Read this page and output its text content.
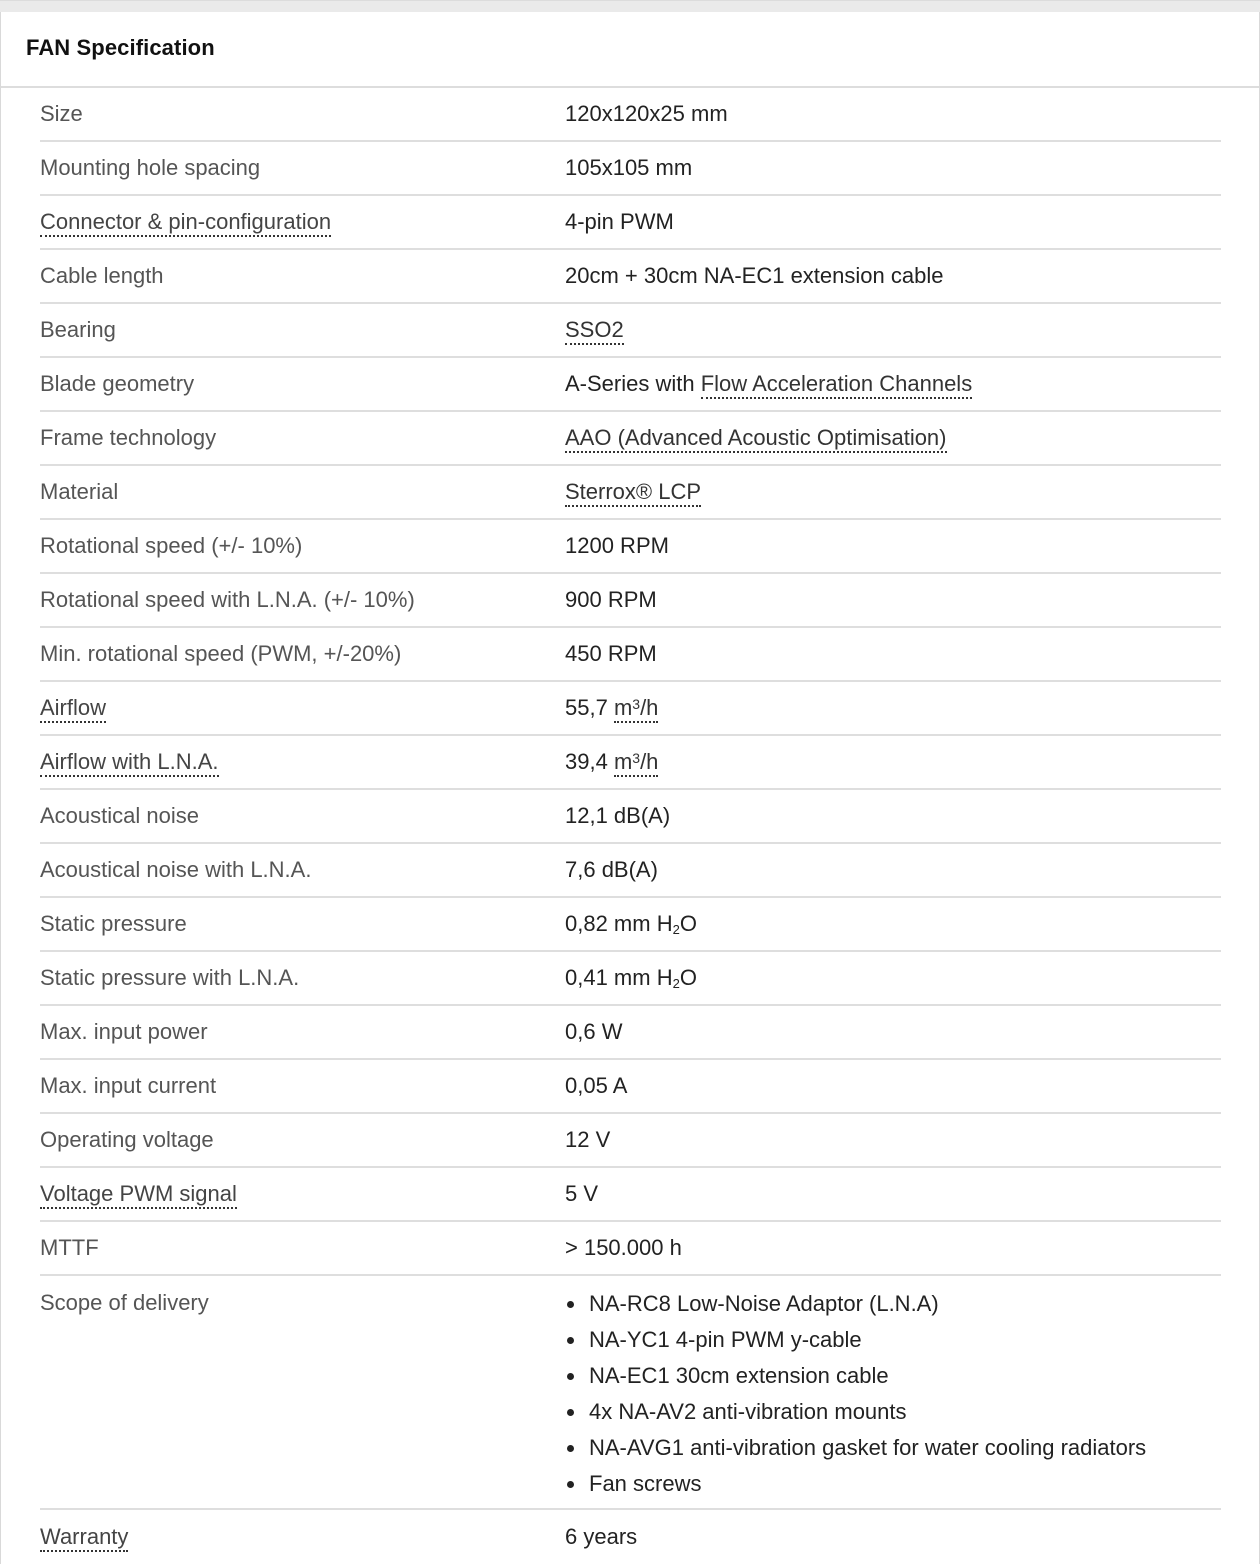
FAN Specification
Size	120x120x25 mm
Mounting hole spacing	105x105 mm
Connector & pin-configuration	4-pin PWM
Cable length	20cm + 30cm NA-EC1 extension cable
Bearing	SSO2
Blade geometry	A-Series with Flow Acceleration Channels
Frame technology	AAO (Advanced Acoustic Optimisation)
Material	Sterrox® LCP
Rotational speed (+/- 10%)	1200 RPM
Rotational speed with L.N.A. (+/- 10%)	900 RPM
Min. rotational speed (PWM, +/-20%)	450 RPM
Airflow	55,7 $m^3/h$
Airflow with L.N.A.	39,4 $m^3/h$
Acoustical noise	12,1 dB(A)
Acoustical noise with L.N.A.	7,6 dB(A)
Static pressure	0,82 mm H2O
Static pressure with L.N.A.	0,41 mm H2O
Max. input power	0,6 W
Max. input current	0,05 A
Operating voltage	12 V
Voltage PWM signal	5 V
MTTF	> 150.000 h
Scope of delivery	NA-RC8 Low-Noise Adaptor (L.N.A)
NA-YC1 4-pin PWM y-cable
NA-EC1 30cm extension cable
4x NA-AV2 anti-vibration mounts
NA-AVG1 anti-vibration gasket for water cooling radiators
Fan screws
Warranty	6 years
